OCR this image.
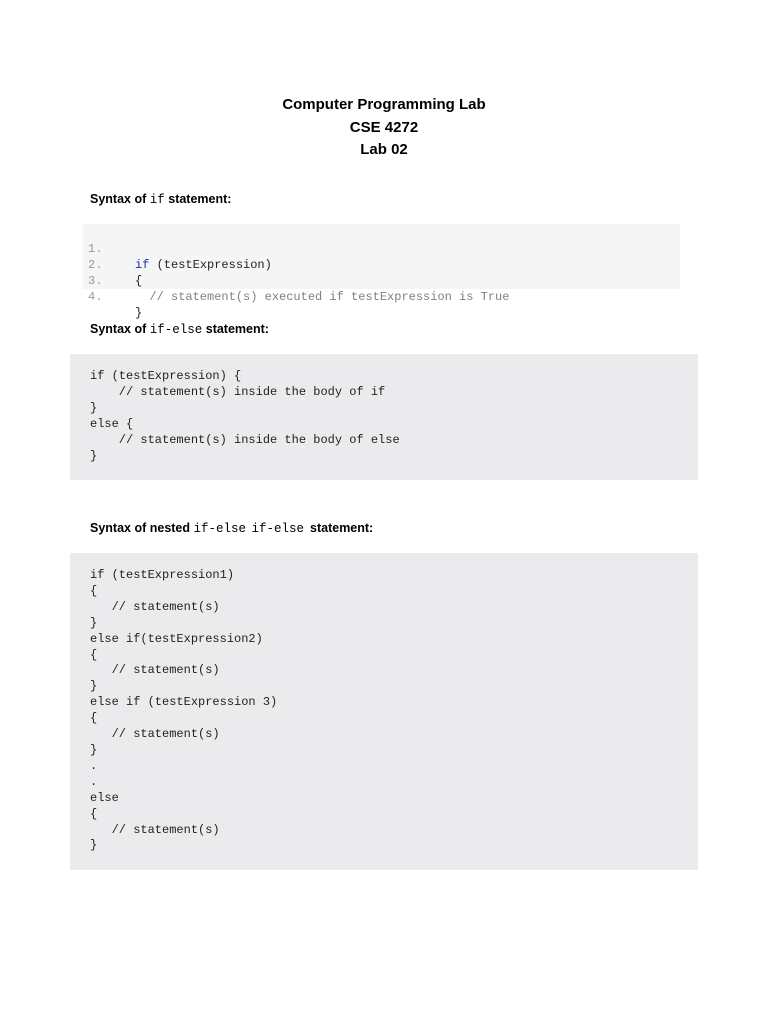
Computer Programming Lab
CSE 4272
Lab 02
Syntax of if statement:

1.

if (testExpression)

2.

{

3.

// statement(s) executed if testExpression is True

4.

}

Syntax of if-else statement:
if (testExpression) {
// statement(s) inside the body of if
}
else {
// statement(s) inside the body of else
}
Syntax of nested if-else if-else statement:
if (testExpression1)
{
// statement(s)
}
else if(testExpression2)
{
// statement(s)
}
else if (testExpression 3)
{
// statement(s)
}
.
.
else
{
// statement(s)
}
